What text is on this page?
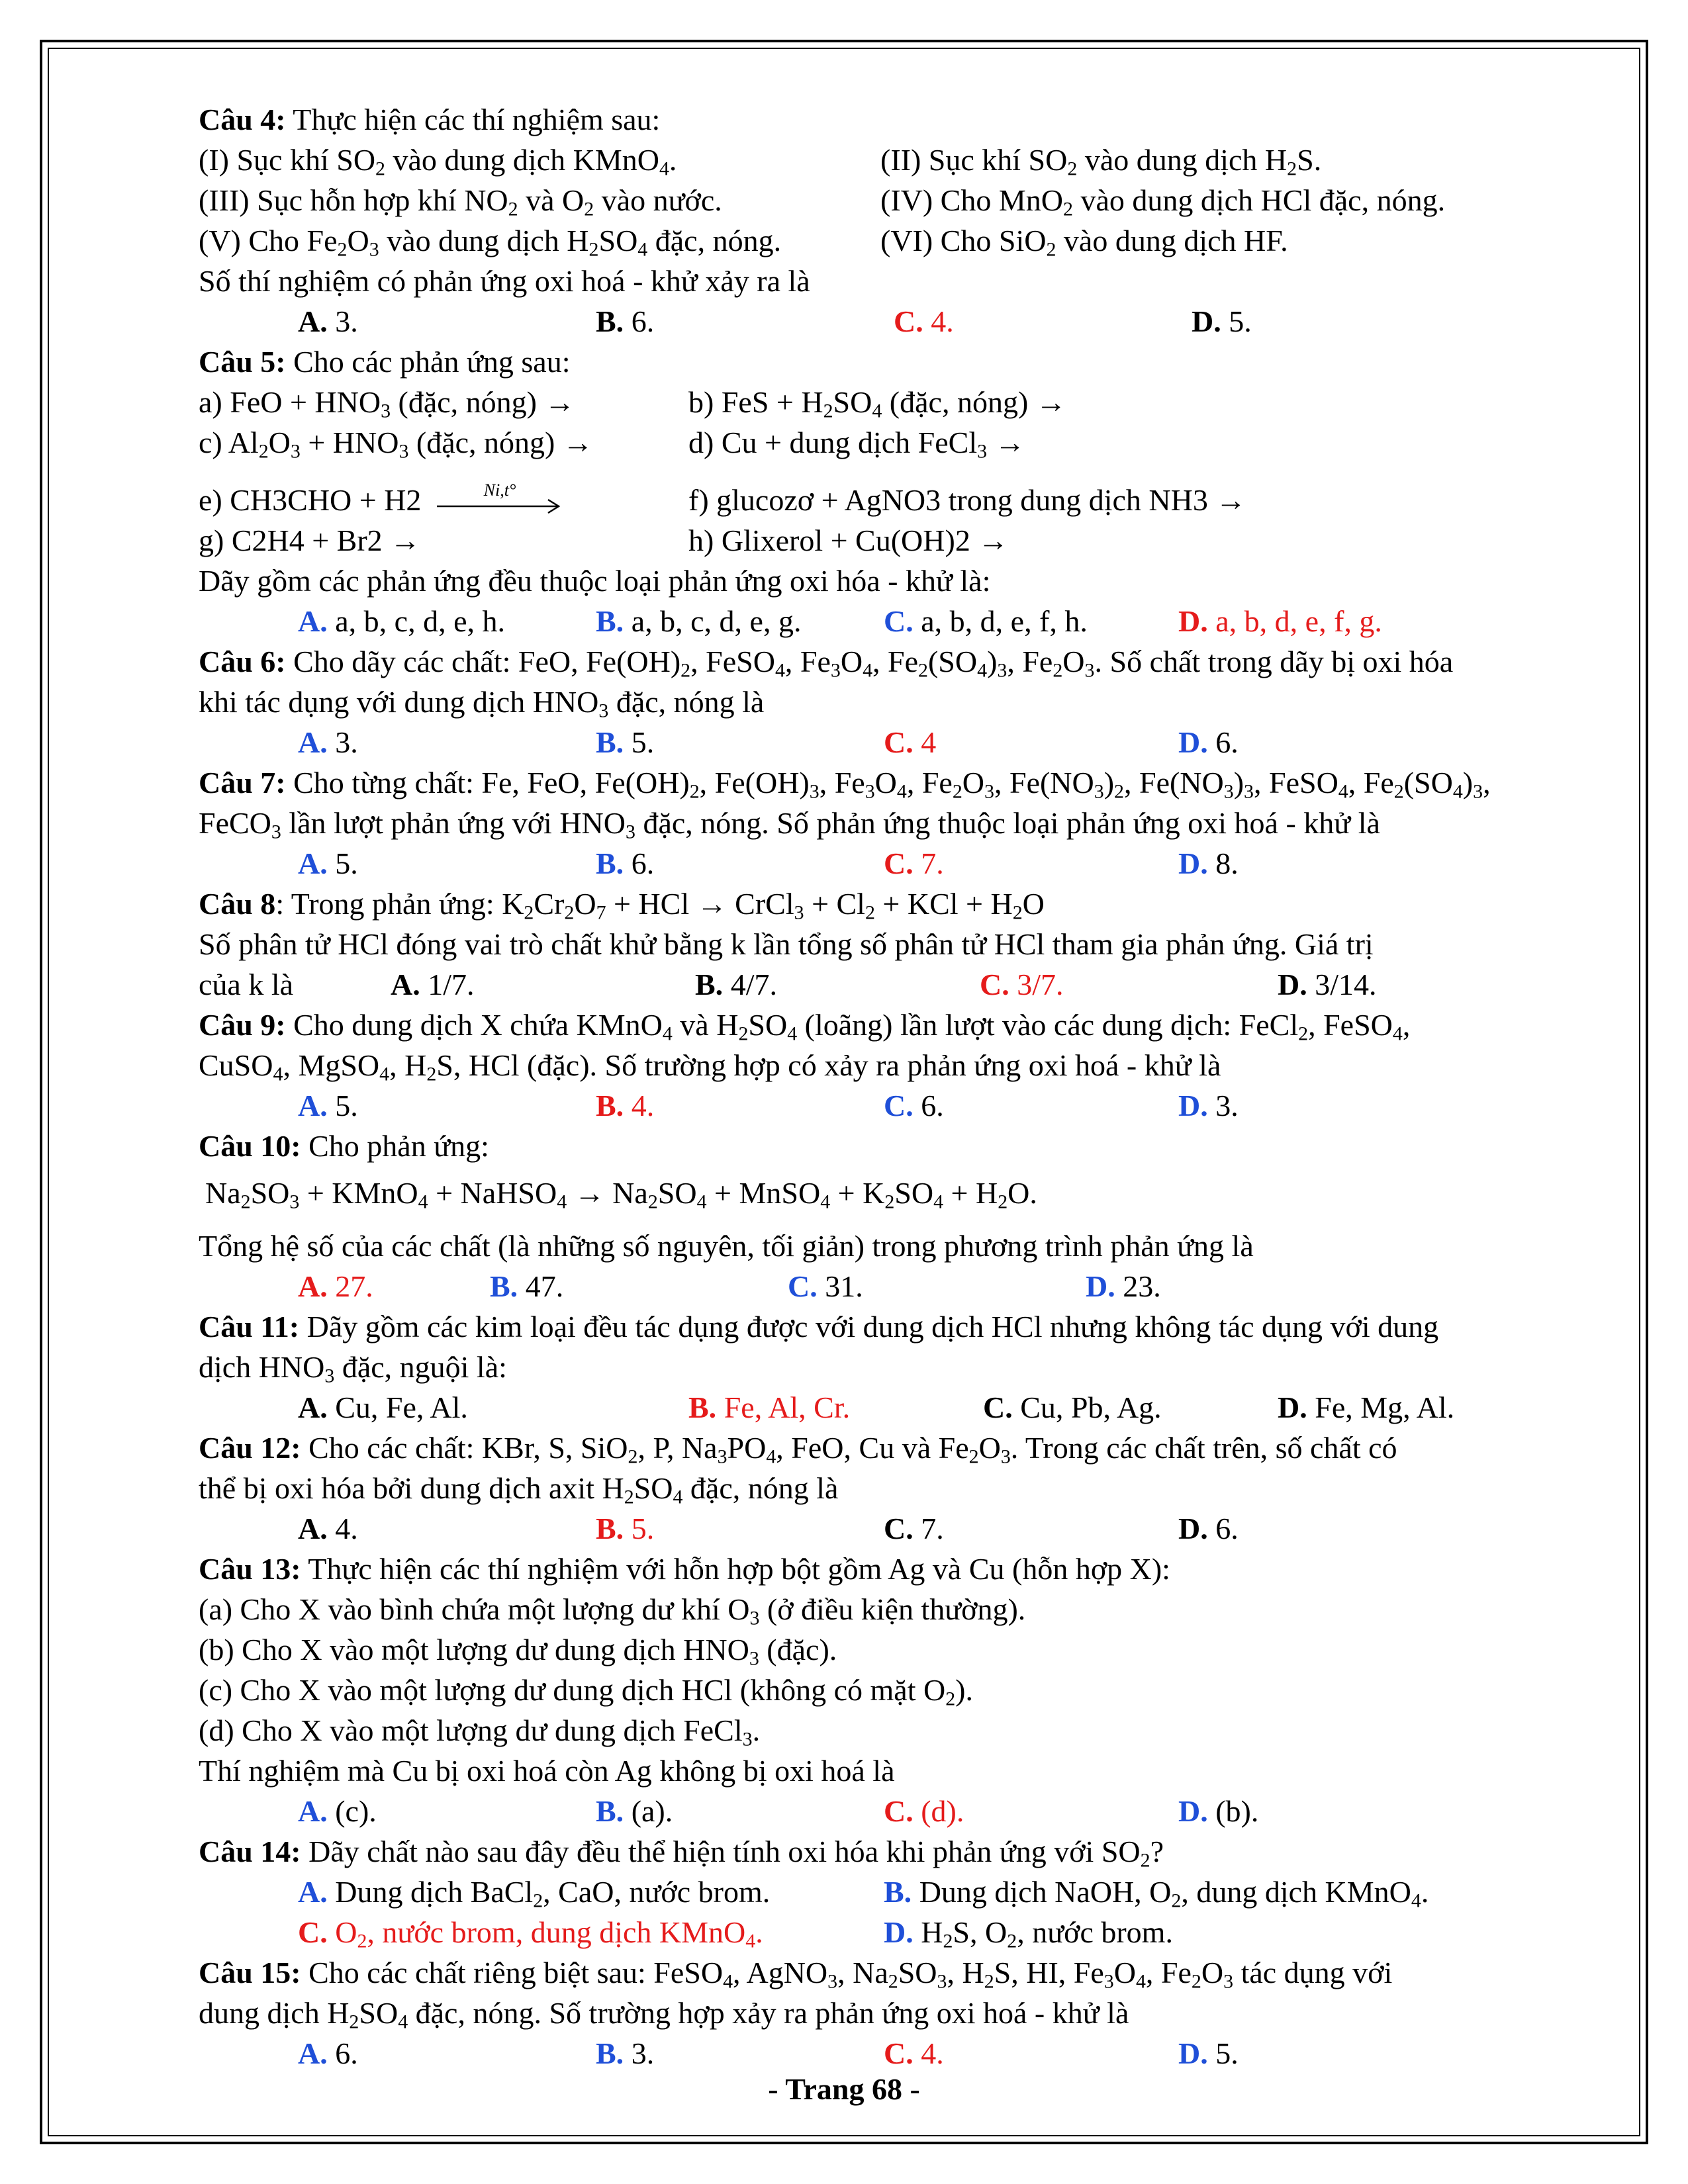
Câu 4: Thực hiện các thí nghiệm sau:
(I) Sục khí $SO_2$ vào dung dịch KMnO$_4$.	(II) Sục khí $SO_2$ vào dung dịch $H_2S$.
(III) Sục hỗn hợp khí $NO_2$ và $O_2$ vào nước.	(IV) Cho MnO$_2$ vào dung dịch HCl đặc, nóng.
(V) Cho $Fe_2O_3$ vào dung dịch $H_2SO_4$ đặc, nóng.	(VI) Cho SiO$_2$ vào dung dịch HF.
Số thí nghiệm có phản ứng oxi hoá - khử xảy ra là
A. 3.	B. 6.	C. 4.	D. 5.
Câu 5: Cho các phản ứng sau:
a) FeO + $HNO_3$ (đặc, nóng) →	b) FeS + $H_2SO_4$ (đặc, nóng) →
c) $Al_2O_3 + HNO_3$ (đặc, nóng) →	d) Cu + dung dịch FeCl$_3$ →
e) CH3CHO + H2	Ni,t°	f) glucozơ + AgNO3 trong dung dịch NH3 →
g) C2H4 + Br2 →	h) Glixerol + Cu(OH)2 →
Dãy gồm các phản ứng đều thuộc loại phản ứng oxi hóa - khử là:
A. a, b, c, d, e, h.	B. a, b, c, d, e, g.	C. a, b, d, e, f, h.	D. a, b, d, e, f, g.
Câu 6: Cho dãy các chất: FeO, $Fe(OH)_2$, FeSO$_4$, $Fe_3O_4$, $Fe_2(SO_4)_3$, $Fe_2O_3$. Số chất trong dãy bị oxi hóa
khi tác dụng với dung dịch $HNO_3$ đặc, nóng là
A. 3.	B. 5.	C. 4	D. 6.
Câu 7: Cho từng chất: Fe, FeO, $Fe(OH)_2$, $Fe(OH)_3$, $Fe_3O_4$, $Fe_2O_3$, $Fe(NO_3)_2$, $Fe(NO_3)_3$, FeSO$_4$, $Fe_2(SO_4)_3$,
FeCO$_3$ lần lượt phản ứng với $HNO_3$ đặc, nóng. Số phản ứng thuộc loại phản ứng oxi hoá - khử là
A. 5.	B. 6.	C. 7.	D. 8.
Câu 8: Trong phản ứng: $K_2Cr_2O_7$ + HCl → CrCl$_3$ + $Cl_2$ + KCl + $H_2O$
Số phân tử HCl đóng vai trò chất khử bằng k lần tổng số phân tử HCl tham gia phản ứng. Giá trị
của k là	A. 1/7.	B. 4/7.	C. 3/7.	D. 3/14.
Câu 9: Cho dung dịch X chứa KMnO$_4$ và $H_2SO_4$ (loãng) lần lượt vào các dung dịch: FeCl$_2$, FeSO$_4$,
CuSO$_4$, MgSO$_4$, $H_2S$, HCl (đặc). Số trường hợp có xảy ra phản ứng oxi hoá - khử là
A. 5.	B. 4.	C. 6.	D. 3.
Câu 10: Cho phản ứng:
$Na_2SO_3$ + KMnO$_4$ + NaHSO$_4$ → $Na_2SO_4$ + MnSO$_4$ + $K_2SO_4 + H_2O$.
Tổng hệ số của các chất (là những số nguyên, tối giản) trong phương trình phản ứng là
A. 27.	B. 47.	C. 31.	D. 23.
Câu 11: Dãy gồm các kim loại đều tác dụng được với dung dịch HCl nhưng không tác dụng với dung
dịch $HNO_3$ đặc, nguội là:
A. Cu, Fe, Al.	B. Fe, Al, Cr.	C. Cu, Pb, Ag.	D. Fe, Mg, Al.
Câu 12: Cho các chất: KBr, S, SiO$_2$, P, $Na_3PO_4$, FeO, Cu và $Fe_2O_3$. Trong các chất trên, số chất có
thể bị oxi hóa bởi dung dịch axit $H_2SO_4$ đặc, nóng là
A. 4.	B. 5.	C. 7.	D. 6.
Câu 13: Thực hiện các thí nghiệm với hỗn hợp bột gồm Ag và Cu (hỗn hợp X):
(a) Cho X vào bình chứa một lượng dư khí $O_3$ (ở điều kiện thường).
(b) Cho X vào một lượng dư dung dịch $HNO_3$ (đặc).
(c) Cho X vào một lượng dư dung dịch HCl (không có mặt $O_2$).
(d) Cho X vào một lượng dư dung dịch FeCl$_3$.
Thí nghiệm mà Cu bị oxi hoá còn Ag không bị oxi hoá là
A. (c).	B. (a).	C. (d).	D. (b).
Câu 14: Dãy chất nào sau đây đều thể hiện tính oxi hóa khi phản ứng với $SO_2$?
A. Dung dịch BaCl$_2$, CaO, nước brom.	B. Dung dịch NaOH, $O_2$, dung dịch KMnO$_4$.
C. $O_2$, nước brom, dung dịch KMnO$_4$.	D. $H_2S$, $O_2$, nước brom.
Câu 15: Cho các chất riêng biệt sau: FeSO$_4$, AgNO$_3$, $Na_2SO_3$, $H_2S$, HI, $Fe_3O_4$, $Fe_2O_3$ tác dụng với
dung dịch $H_2SO_4$ đặc, nóng. Số trường hợp xảy ra phản ứng oxi hoá - khử là
A. 6.	B. 3.	C. 4.	D. 5.
- Trang 68 -
